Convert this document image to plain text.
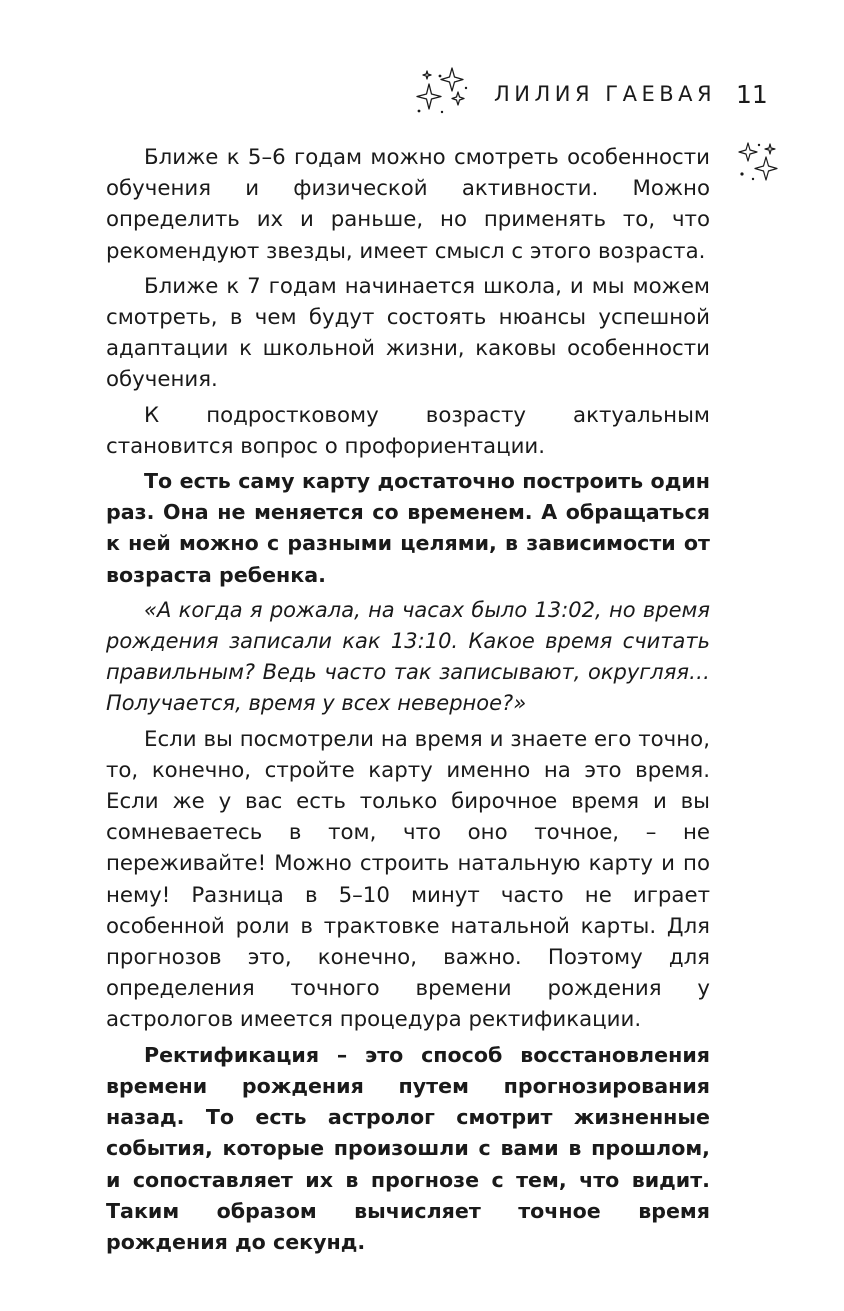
ЛИЛИЯ ГАЕВАЯ 11

Ближе к 5–6 годам можно смотреть особенности обучения и физической активности. Можно определить их и раньше, но применять то, что рекомендуют звезды, имеет смысл с этого возраста.

Ближе к 7 годам начинается школа, и мы можем смотреть, в чем будут состоять нюансы успешной адаптации к школьной жизни, каковы особенности обучения.

К подростковому возрасту актуальным становится вопрос о профориентации.

То есть саму карту достаточно построить один раз. Она не меняется со временем. А обращаться к ней можно с разными целями, в зависимости от возраста ребенка.

«А когда я рожала, на часах было 13:02, но время рождения записали как 13:10. Какое время считать правильным? Ведь часто так записывают, округляя… Получается, время у всех неверное?»

Если вы посмотрели на время и знаете его точно, то, конечно, стройте карту именно на это время. Если же у вас есть только бирочное время и вы сомневаетесь в том, что оно точное, – не переживайте! Можно строить натальную карту и по нему! Разница в 5–10 минут часто не играет особенной роли в трактовке натальной карты. Для прогнозов это, конечно, важно. Поэтому для определения точного времени рождения у астрологов имеется процедура ректификации.

Ректификация – это способ восстановления времени рождения путем прогнозирования назад. То есть астролог смотрит жизненные события, которые произошли с вами в прошлом, и сопоставляет их в прогнозе с тем, что видит. Таким образом вычисляет точное время рождения до секунд.
